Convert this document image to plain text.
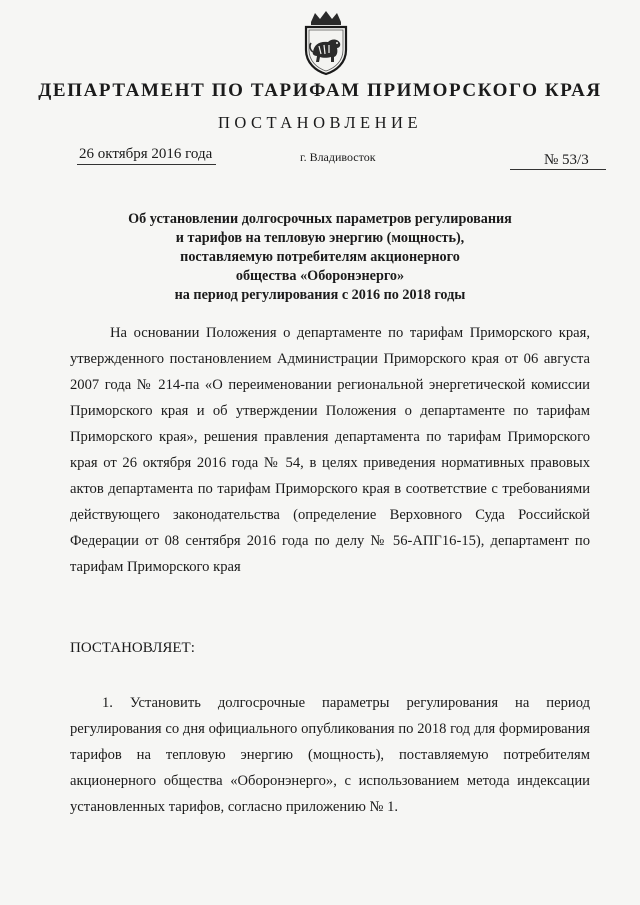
ДЕПАРТАМЕНТ ПО ТАРИФАМ ПРИМОРСКОГО КРАЯ
ПОСТАНОВЛЕНИЕ
26 октября 2016 года	г. Владивосток	№ 53/3
Об установлении долгосрочных параметров регулирования
и тарифов на тепловую энергию (мощность),
поставляемую потребителям акционерного
общества «Оборонэнерго»
на период регулирования с 2016 по 2018 годы

На основании Положения о департаменте по тарифам Приморского края, утвержденного постановлением Администрации Приморского края от 06 августа 2007 года № 214-па «О переименовании региональной энергетической комиссии Приморского края и об утверждении Положения о департаменте по тарифам Приморского края», решения правления департамента по тарифам Приморского края от 26 октября 2016 года № 54, в целях приведения нормативных правовых актов департамента по тарифам Приморского края в соответствие с требованиями действующего законодательства (определение Верховного Суда Российской Федерации от 08 сентября 2016 года по делу № 56-АПГ16-15), департамент по тарифам Приморского края

ПОСТАНОВЛЯЕТ:

1. Установить долгосрочные параметры регулирования на период регулирования со дня официального опубликования по 2018 год для формирования тарифов на тепловую энергию (мощность), поставляемую потребителям акционерного общества «Оборонэнерго», с использованием метода индексации установленных тарифов, согласно приложению № 1.
